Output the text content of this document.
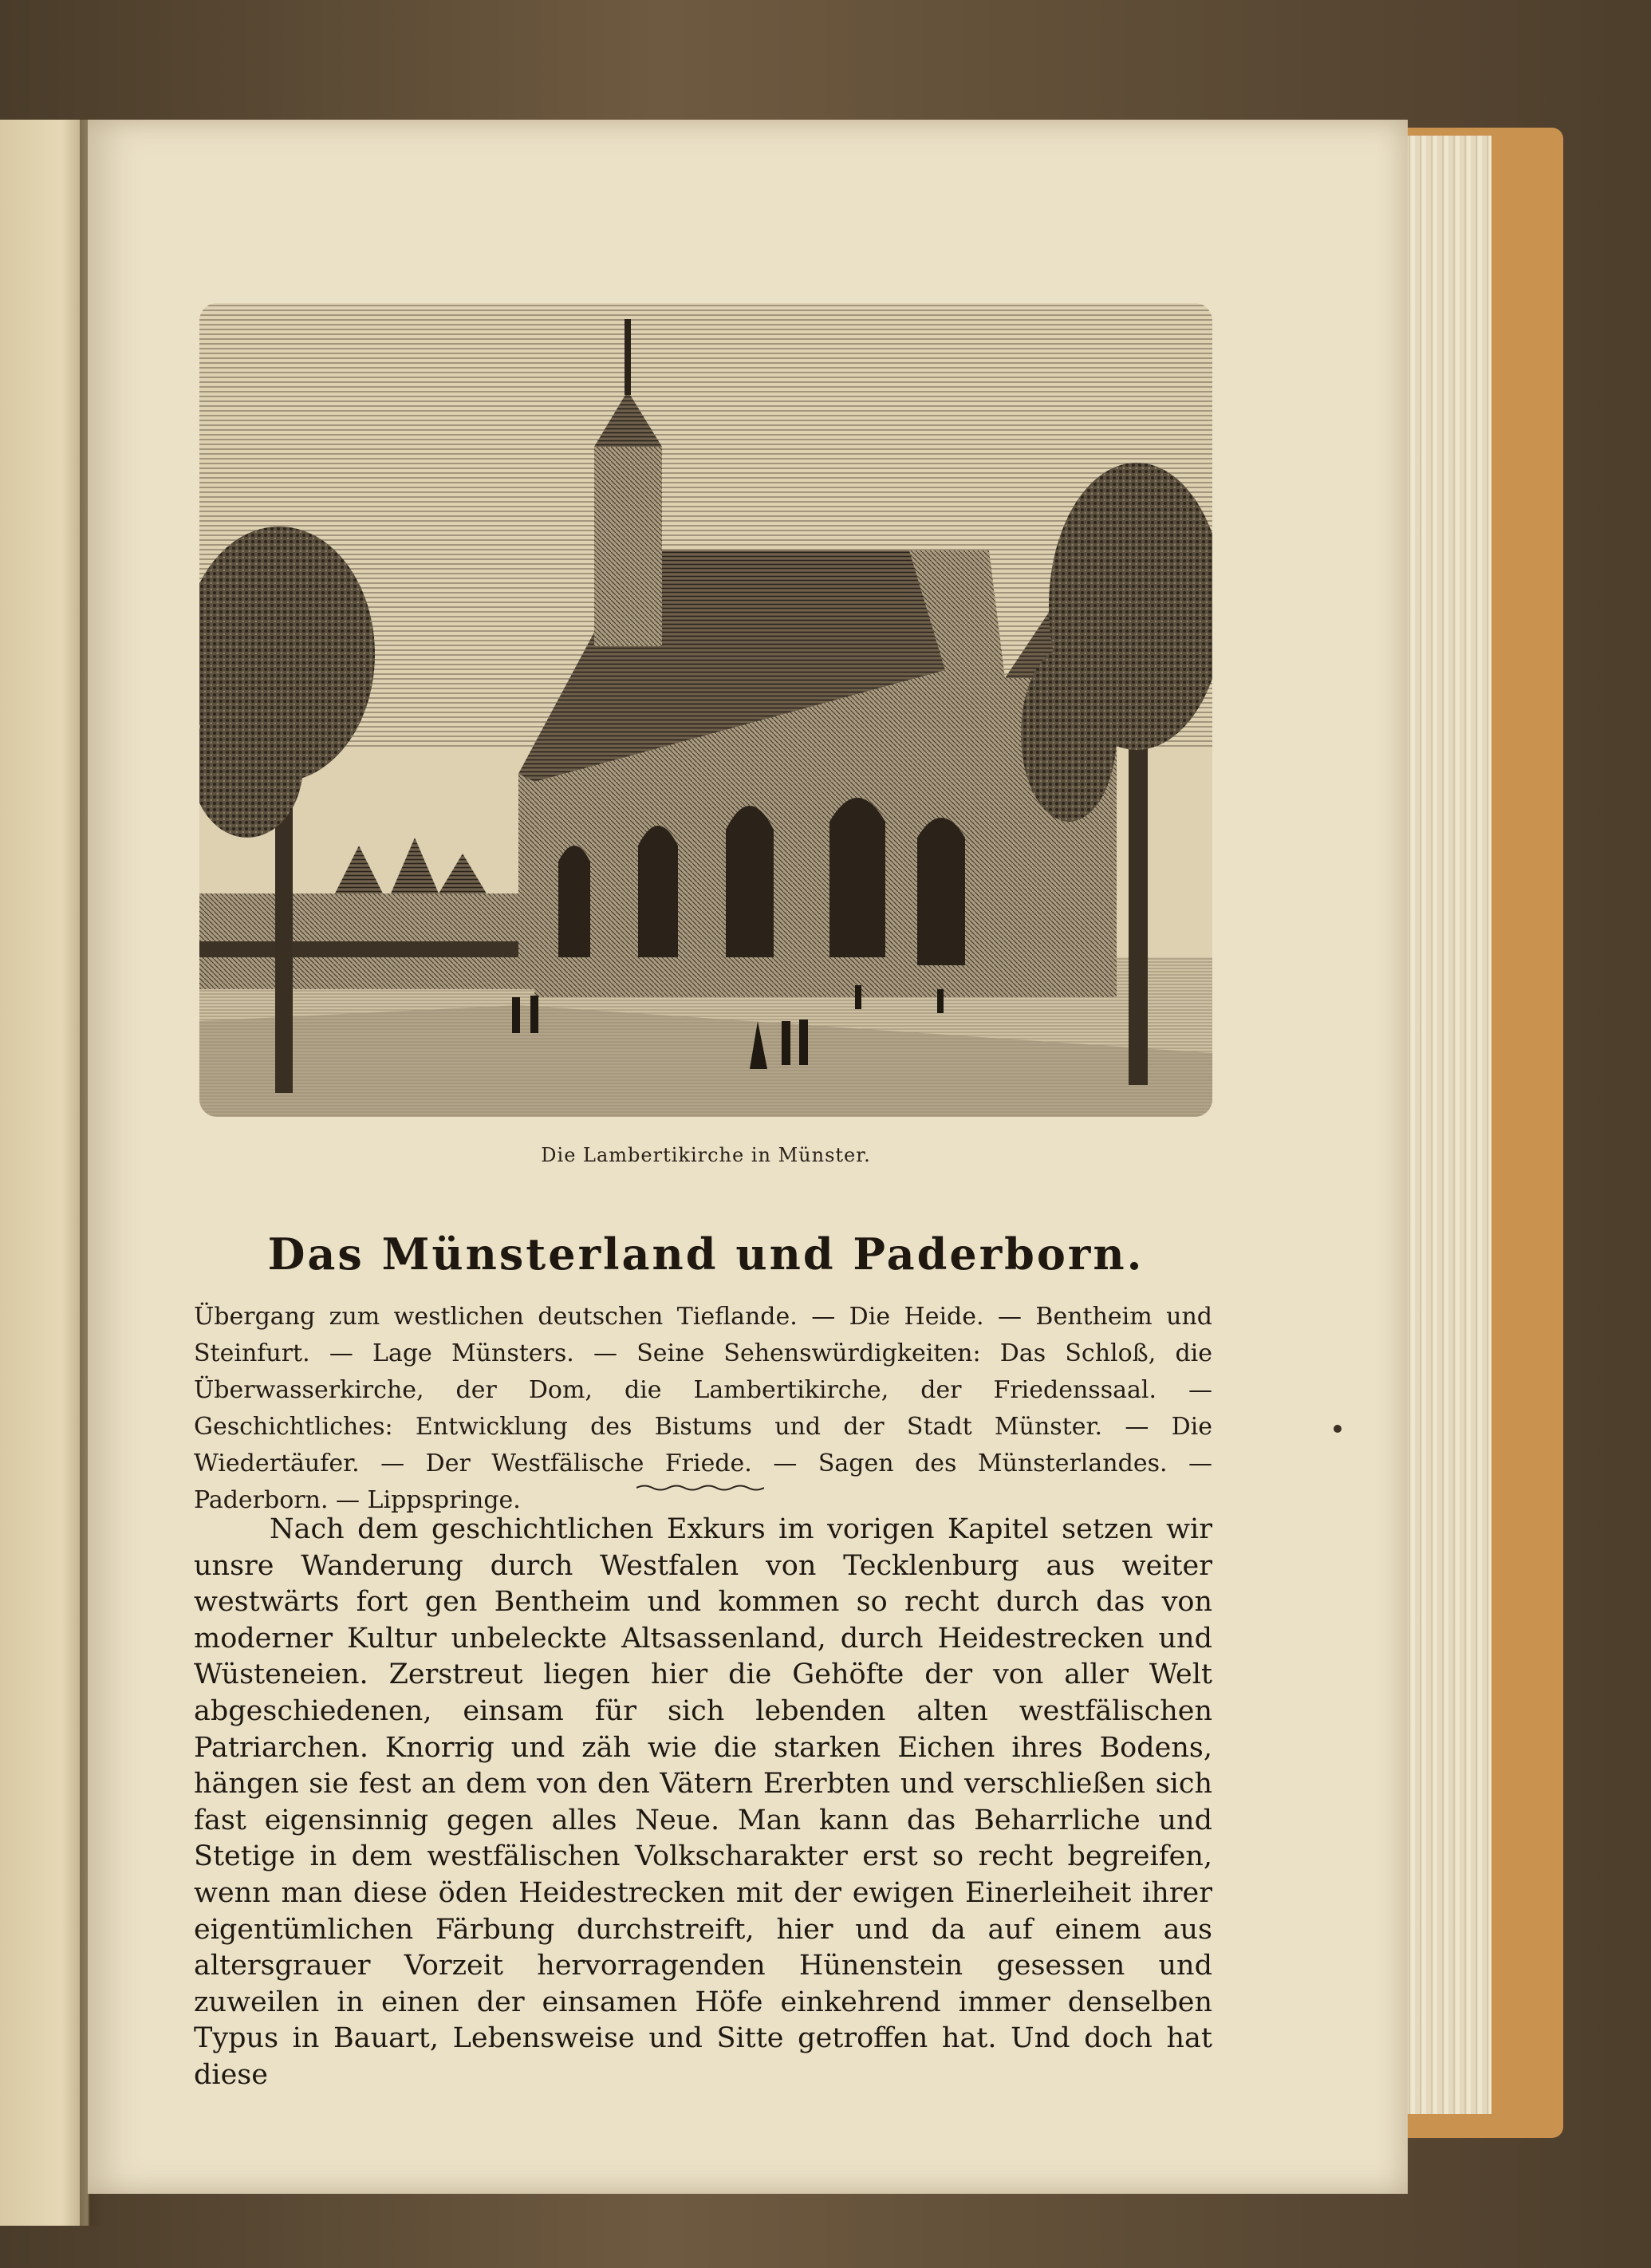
Die Lambertikirche in Münster.
Das Münsterland und Paderborn.
Übergang zum westlichen deutschen Tieflande. — Die Heide. — Bentheim und Steinfurt. — Lage Münsters. — Seine Sehenswürdigkeiten: Das Schloß, die Überwasserkirche, der Dom, die Lambertikirche, der Friedenssaal. — Geschichtliches: Entwicklung des Bistums und der Stadt Münster. — Die Wiedertäufer. — Der Westfälische Friede. — Sagen des Münsterlandes. — Paderborn. — Lippspringe.

Nach dem geschichtlichen Exkurs im vorigen Kapitel setzen wir unsre Wanderung durch Westfalen von Tecklenburg aus weiter westwärts fort gen Bentheim und kommen so recht durch das von moderner Kultur unbeleckte Altsassenland, durch Heidestrecken und Wüsteneien. Zerstreut liegen hier die Gehöfte der von aller Welt abgeschiedenen, einsam für sich lebenden alten westfälischen Patriarchen. Knorrig und zäh wie die starken Eichen ihres Bodens, hängen sie fest an dem von den Vätern Ererbten und verschließen sich fast eigensinnig gegen alles Neue. Man kann das Beharrliche und Stetige in dem westfälischen Volkscharakter erst so recht begreifen, wenn man diese öden Heidestrecken mit der ewigen Einerleiheit ihrer eigentümlichen Färbung durchstreift, hier und da auf einem aus altersgrauer Vorzeit hervorragenden Hünenstein gesessen und zuweilen in einen der einsamen Höfe einkehrend immer denselben Typus in Bauart, Lebensweise und Sitte getroffen hat. Und doch hat diese
